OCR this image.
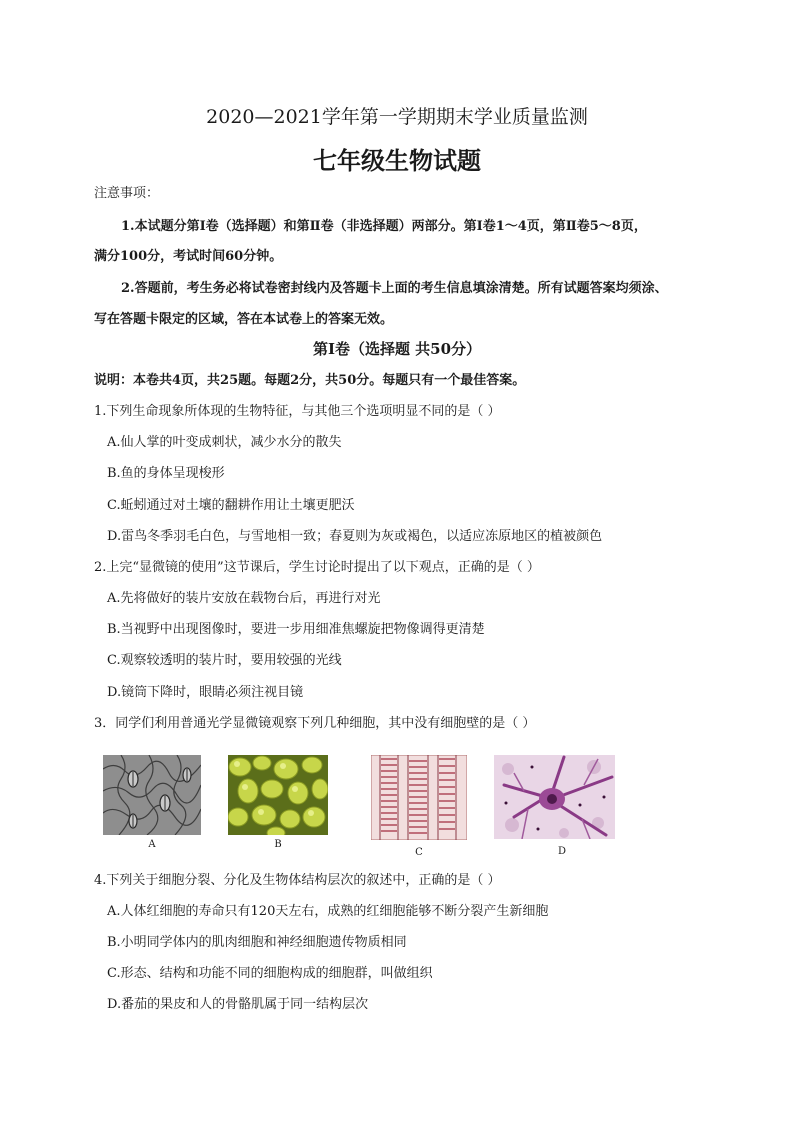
2020—2021学年第一学期期末学业质量监测
七年级生物试题
注意事项：
1.本试题分第Ⅰ卷（选择题）和第Ⅱ卷（非选择题）两部分。第Ⅰ卷1～4页，第Ⅱ卷5～8页，
满分100分，考试时间60分钟。
2.答题前，考生务必将试卷密封线内及答题卡上面的考生信息填涂清楚。所有试题答案均须涂、
写在答题卡限定的区域，答在本试卷上的答案无效。
第Ⅰ卷（选择题 共50分）
说明：本卷共4页，共25题。每题2分，共50分。每题只有一个最佳答案。
1.下列生命现象所体现的生物特征，与其他三个选项明显不同的是（ ）
A.仙人掌的叶变成刺状，减少水分的散失
B.鱼的身体呈现梭形
C.蚯蚓通过对土壤的翻耕作用让土壤更肥沃
D.雷鸟冬季羽毛白色，与雪地相一致；春夏则为灰或褐色，以适应冻原地区的植被颜色
2.上完“显微镜的使用”这节课后，学生讨论时提出了以下观点，正确的是（ ）
A.先将做好的装片安放在载物台后，再进行对光
B.当视野中出现图像时，要进一步用细准焦螺旋把物像调得更清楚
C.观察较透明的装片时，要用较强的光线
D.镜筒下降时，眼睛必须注视目镜
3．同学们利用普通光学显微镜观察下列几种细胞，其中没有细胞壁的是（ ）
A	B
C	D
4.下列关于细胞分裂、分化及生物体结构层次的叙述中，正确的是（ ）
A.人体红细胞的寿命只有120天左右，成熟的红细胞能够不断分裂产生新细胞
B.小明同学体内的肌肉细胞和神经细胞遗传物质相同
C.形态、结构和功能不同的细胞构成的细胞群，叫做组织
D.番茄的果皮和人的骨骼肌属于同一结构层次
